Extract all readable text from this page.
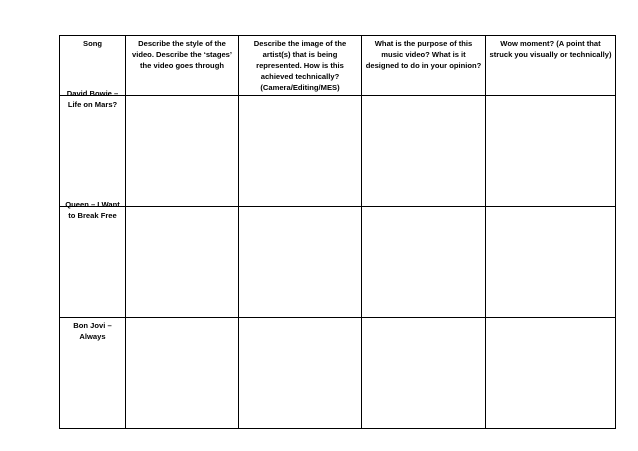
Song	Describe the style of the video. Describe the ‘stages’ the video goes through	Describe the image of the artist(s) that is being represented. How is this achieved technically? (Camera/Editing/MES)	What is the purpose of this music video? What is it designed to do in your opinion?	Wow moment? (A point that struck you visually or technically)

David Bowie – Life on Mars?				

Queen – I Want to Break Free				

Bon Jovi – Always				
